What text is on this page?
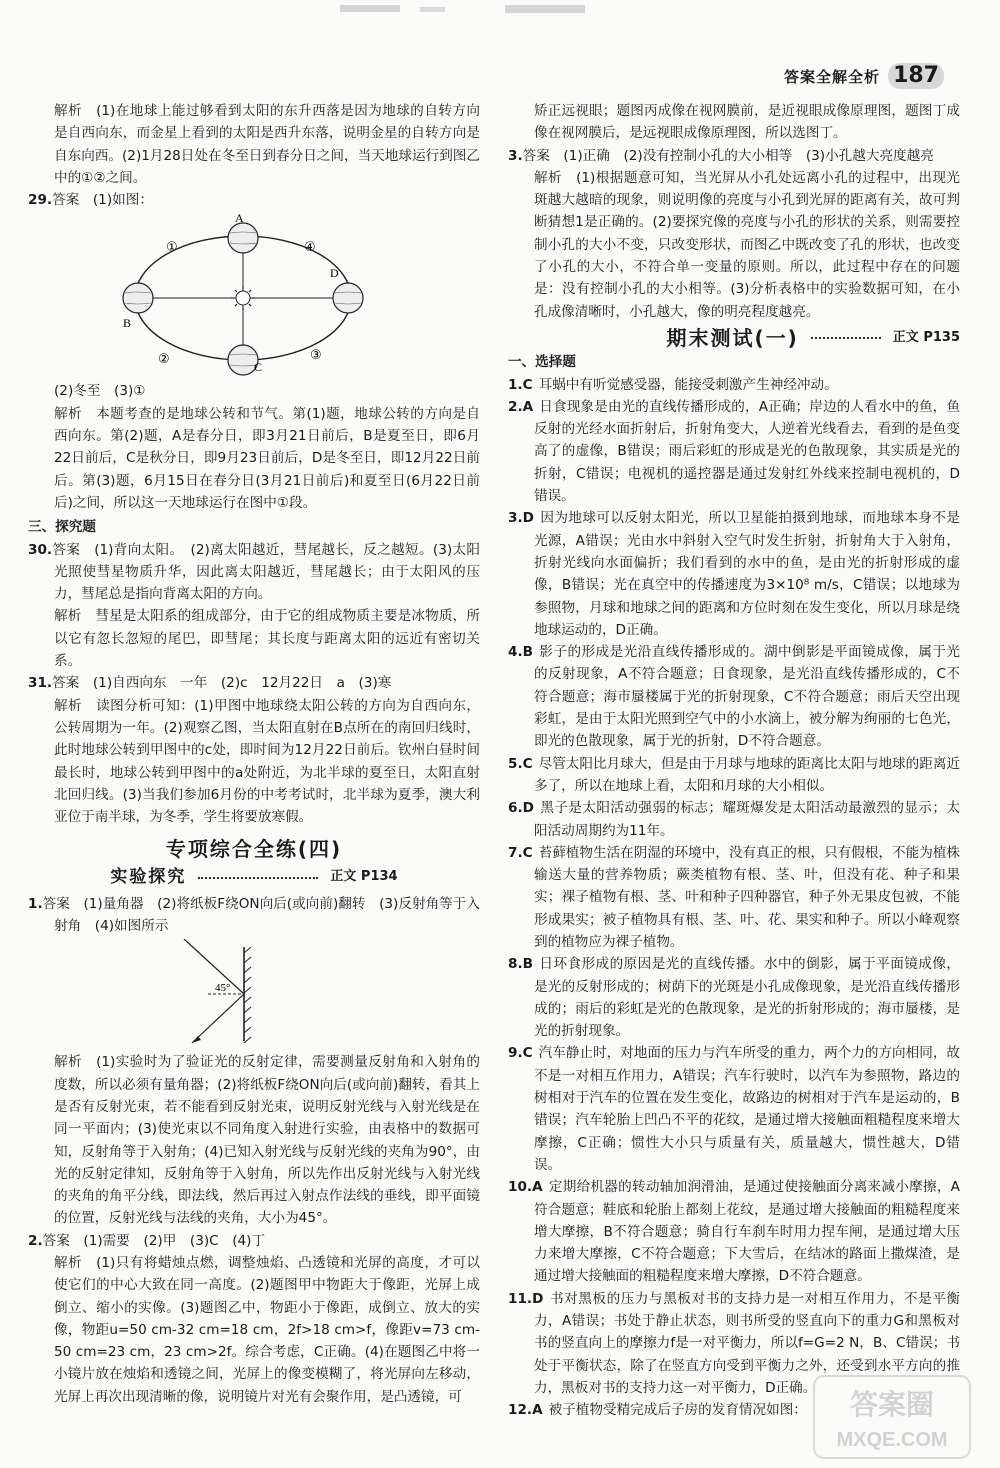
答案全解全析 187

解析　(1)在地球上能过够看到太阳的东升西落是因为地球的自转方向是自西向东，而金星上看到的太阳是西升东落，说明金星的自转方向是自东向西。(2)1月28日处在冬至日到春分日之间，当天地球运行到图乙中的①②之间。

29.答案　(1)如图：

A
B
C
D
①
②	③
④

(2)冬至　(3)①

解析　本题考查的是地球公转和节气。第(1)题，地球公转的方向是自西向东。第(2)题，A是春分日，即3月21日前后，B是夏至日，即6月22日前后，C是秋分日，即9月23日前后，D是冬至日，即12月22日前后。第(3)题，6月15日在春分日(3月21日前后)和夏至日(6月22日前后)之间，所以这一天地球运行在图中①段。

三、探究题

30.答案　(1)背向太阳。　(2)离太阳越近，彗尾越长，反之越短。(3)太阳光照使彗星物质升华，因此离太阳越近，彗尾越长；由于太阳风的压力，彗尾总是指向背离太阳的方向。

解析　彗星是太阳系的组成部分，由于它的组成物质主要是冰物质，所以它有忽长忽短的尾巴，即彗尾；其长度与距离太阳的远近有密切关系。

31.答案　(1)自西向东　一年　(2)c　12月22日　a　(3)寒

解析　读图分析可知：(1)甲图中地球绕太阳公转的方向为自西向东，公转周期为一年。(2)观察乙图，当太阳直射在B点所在的南回归线时，此时地球公转到甲图中的c处，即时间为12月22日前后。钦州白昼时间最长时，地球公转到甲图中的a处附近，为北半球的夏至日，太阳直射北回归线。(3)当我们参加6月份的中考考试时，北半球为夏季，澳大利亚位于南半球，为冬季，学生将要放寒假。

专项综合全练(四)
实验探究	正文 P134

1.答案　(1)量角器　(2)将纸板F绕ON向后(或向前)翻转　(3)反射角等于入射角　(4)如图所示

45°

解析　(1)实验时为了验证光的反射定律，需要测量反射角和入射角的度数，所以必须有量角器；(2)将纸板F绕ON向后(或向前)翻转，看其上是否有反射光束，若不能看到反射光束，说明反射光线与入射光线是在同一平面内；(3)使光束以不同角度入射进行实验，由表格中的数据可知，反射角等于入射角；(4)已知入射光线与反射光线的夹角为90°，由光的反射定律知，反射角等于入射角，所以先作出反射光线与入射光线的夹角的角平分线，即法线，然后再过入射点作法线的垂线，即平面镜的位置，反射光线与法线的夹角，大小为45°。

2.答案　(1)需要　(2)甲　(3)C　(4)丁

解析　(1)只有将蜡烛点燃，调整烛焰、凸透镜和光屏的高度，才可以使它们的中心大致在同一高度。(2)题图甲中物距大于像距，光屏上成倒立、缩小的实像。(3)题图乙中，物距小于像距，成倒立、放大的实像，物距u=50 cm-32 cm=18 cm，2f>18 cm>f，像距v=73 cm-50 cm=23 cm，23 cm>2f。综合考虑，C正确。(4)在题图乙中将一小镜片放在烛焰和透镜之间，光屏上的像变模糊了，将光屏向左移动，光屏上再次出现清晰的像，说明镜片对光有会聚作用，是凸透镜，可

矫正远视眼；题图丙成像在视网膜前，是近视眼成像原理图，题图丁成像在视网膜后，是远视眼成像原理图，所以选图丁。

3.答案　(1)正确　(2)没有控制小孔的大小相等　(3)小孔越大亮度越亮

解析　(1)根据题意可知，当光屏从小孔处远离小孔的过程中，出现光斑越大越暗的现象，则说明像的亮度与小孔到光屏的距离有关，故可判断猜想1是正确的。(2)要探究像的亮度与小孔的形状的关系，则需要控制小孔的大小不变，只改变形状，而图乙中既改变了孔的形状，也改变了小孔的大小，不符合单一变量的原则。所以，此过程中存在的问题是：没有控制小孔的大小相等。(3)分析表格中的实验数据可知，在小孔成像清晰时，小孔越大，像的明亮程度越亮。

期末测试(一)	正文 P135

一、选择题

1.C 耳蜗中有听觉感受器，能接受刺激产生神经冲动。

2.A 日食现象是由光的直线传播形成的，A正确；岸边的人看水中的鱼，鱼反射的光经水面折射后，折射角变大，人逆着光线看去，看到的是鱼变高了的虚像，B错误；雨后彩虹的形成是光的色散现象，其实质是光的折射，C错误；电视机的遥控器是通过发射红外线来控制电视机的，D错误。

3.D 因为地球可以反射太阳光，所以卫星能拍摄到地球，而地球本身不是光源，A错误；光由水中斜射入空气时发生折射，折射角大于入射角，折射光线向水面偏折；我们看到的水中的鱼，是由光的折射形成的虚像，B错误；光在真空中的传播速度为3×10⁸ m/s，C错误；以地球为参照物，月球和地球之间的距离和方位时刻在发生变化，所以月球是绕地球运动的，D正确。

4.B 影子的形成是光沿直线传播形成的。湖中倒影是平面镜成像，属于光的反射现象，A不符合题意；日食现象，是光沿直线传播形成的，C不符合题意；海市蜃楼属于光的折射现象，C不符合题意；雨后天空出现彩虹，是由于太阳光照到空气中的小水滴上，被分解为绚丽的七色光，即光的色散现象，属于光的折射，D不符合题意。

5.C 尽管太阳比月球大，但是由于月球与地球的距离比太阳与地球的距离近多了，所以在地球上看，太阳和月球的大小相似。

6.D 黑子是太阳活动强弱的标志；耀斑爆发是太阳活动最激烈的显示；太阳活动周期约为11年。

7.C 苔藓植物生活在阴湿的环境中，没有真正的根，只有假根，不能为植株输送大量的营养物质；蕨类植物有根、茎、叶，但没有花、种子和果实；裸子植物有根、茎、叶和种子四种器官，种子外无果皮包被，不能形成果实；被子植物具有根、茎、叶、花、果实和种子。所以小峰观察到的植物应为裸子植物。

8.B 日环食形成的原因是光的直线传播。水中的倒影，属于平面镜成像，是光的反射形成的；树荫下的光斑是小孔成像现象，是光沿直线传播形成的；雨后的彩虹是光的色散现象，是光的折射形成的；海市蜃楼，是光的折射现象。

9.C 汽车静止时，对地面的压力与汽车所受的重力，两个力的方向相同，故不是一对相互作用力，A错误；汽车行驶时，以汽车为参照物，路边的树相对于汽车的位置在发生变化，故路边的树相对于汽车是运动的，B错误；汽车轮胎上凹凸不平的花纹，是通过增大接触面粗糙程度来增大摩擦，C正确；惯性大小只与质量有关，质量越大，惯性越大，D错误。

10.A 定期给机器的转动轴加润滑油，是通过使接触面分离来减小摩擦，A符合题意；鞋底和轮胎上都刻上花纹，是通过增大接触面的粗糙程度来增大摩擦，B不符合题意；骑自行车刹车时用力捏车闸，是通过增大压力来增大摩擦，C不符合题意；下大雪后，在结冰的路面上撒煤渣，是通过增大接触面的粗糙程度来增大摩擦，D不符合题意。

11.D 书对黑板的压力与黑板对书的支持力是一对相互作用力，不是平衡力，A错误；书处于静止状态，则书所受的竖直向下的重力G和黑板对书的竖直向上的摩擦力f是一对平衡力，所以f=G=2 N，B、C错误；书处于平衡状态，除了在竖直方向受到平衡力之外，还受到水平方向的推力，黑板对书的支持力这一对平衡力，D正确。

12.A 被子植物受精完成后子房的发育情况如图：	答案圈
MXQE.COM
